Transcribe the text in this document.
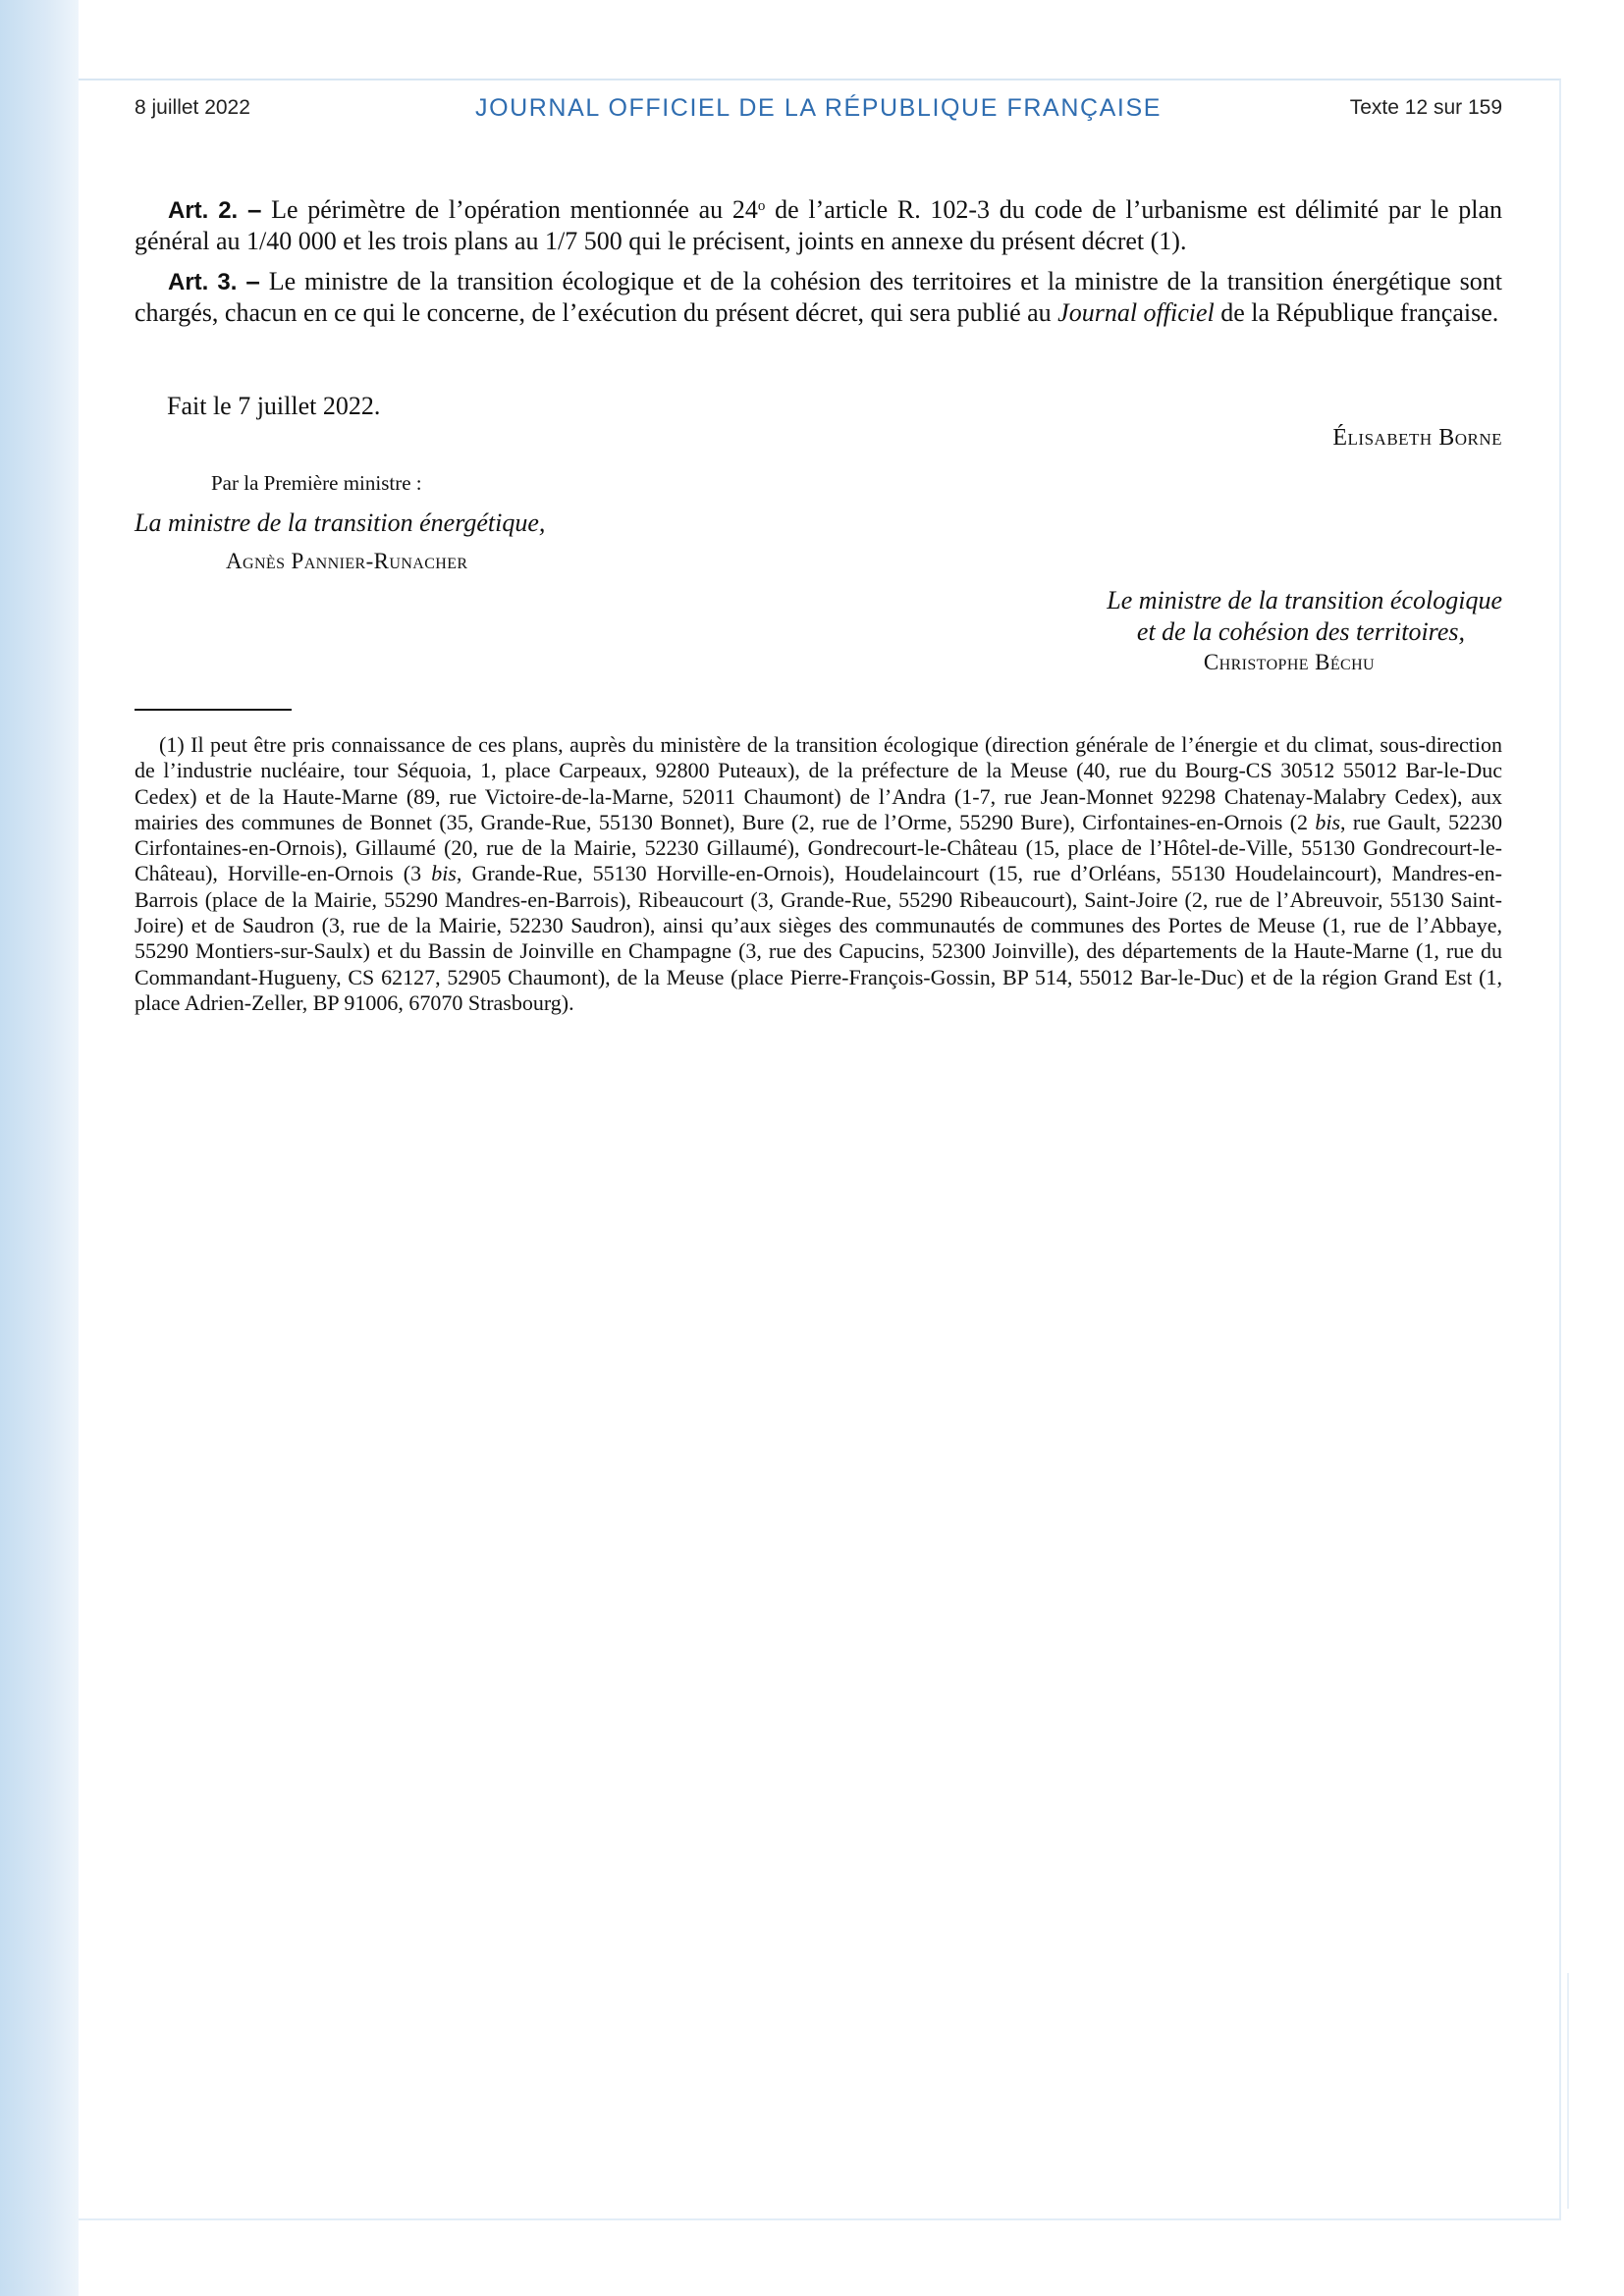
8 juillet 2022	JOURNAL OFFICIEL DE LA RÉPUBLIQUE FRANÇAISE	Texte 12 sur 159

Art. 2. – Le périmètre de l’opération mentionnée au 24$^o$ de l’article R. 102-3 du code de l’urbanisme est délimité par le plan général au 1/40 000 et les trois plans au 1/7 500 qui le précisent, joints en annexe du présent décret (1).

Art. 3. – Le ministre de la transition écologique et de la cohésion des territoires et la ministre de la transition énergétique sont chargés, chacun en ce qui le concerne, de l’exécution du présent décret, qui sera publié au Journal officiel de la République française.

Fait le 7 juillet 2022.
Élisabeth Borne
Par la Première ministre :
La ministre de la transition énergétique,
Agnès Pannier-Runacher
Le ministre de la transition écologique
et de la cohésion des territoires,
Christophe Béchu

(1) Il peut être pris connaissance de ces plans, auprès du ministère de la transition écologique (direction générale de l’énergie et du climat, sous-direction de l’industrie nucléaire, tour Séquoia, 1, place Carpeaux, 92800 Puteaux), de la préfecture de la Meuse (40, rue du Bourg-CS 30512 55012 Bar-le-Duc Cedex) et de la Haute-Marne (89, rue Victoire-de-la-Marne, 52011 Chaumont) de l’Andra (1-7, rue Jean-Monnet 92298 Chatenay-Malabry Cedex), aux mairies des communes de Bonnet (35, Grande-Rue, 55130 Bonnet), Bure (2, rue de l’Orme, 55290 Bure), Cirfontaines-en-Ornois (2 bis, rue Gault, 52230 Cirfontaines-en-Ornois), Gillaumé (20, rue de la Mairie, 52230 Gillaumé), Gondrecourt-le-Château (15, place de l’Hôtel-de-Ville, 55130 Gondrecourt-le-Château), Horville-en-Ornois (3 bis, Grande-Rue, 55130 Horville-en-Ornois), Houdelaincourt (15, rue d’Orléans, 55130 Houdelaincourt), Mandres-en-Barrois (place de la Mairie, 55290 Mandres-en-Barrois), Ribeaucourt (3, Grande-Rue, 55290 Ribeaucourt), Saint-Joire (2, rue de l’Abreuvoir, 55130 Saint-Joire) et de Saudron (3, rue de la Mairie, 52230 Saudron), ainsi qu’aux sièges des communautés de communes des Portes de Meuse (1, rue de l’Abbaye, 55290 Montiers-sur-Saulx) et du Bassin de Joinville en Champagne (3, rue des Capucins, 52300 Joinville), des départements de la Haute-Marne (1, rue du Commandant-Hugueny, CS 62127, 52905 Chaumont), de la Meuse (place Pierre-François-Gossin, BP 514, 55012 Bar-le-Duc) et de la région Grand Est (1, place Adrien-Zeller, BP 91006, 67070 Strasbourg).
